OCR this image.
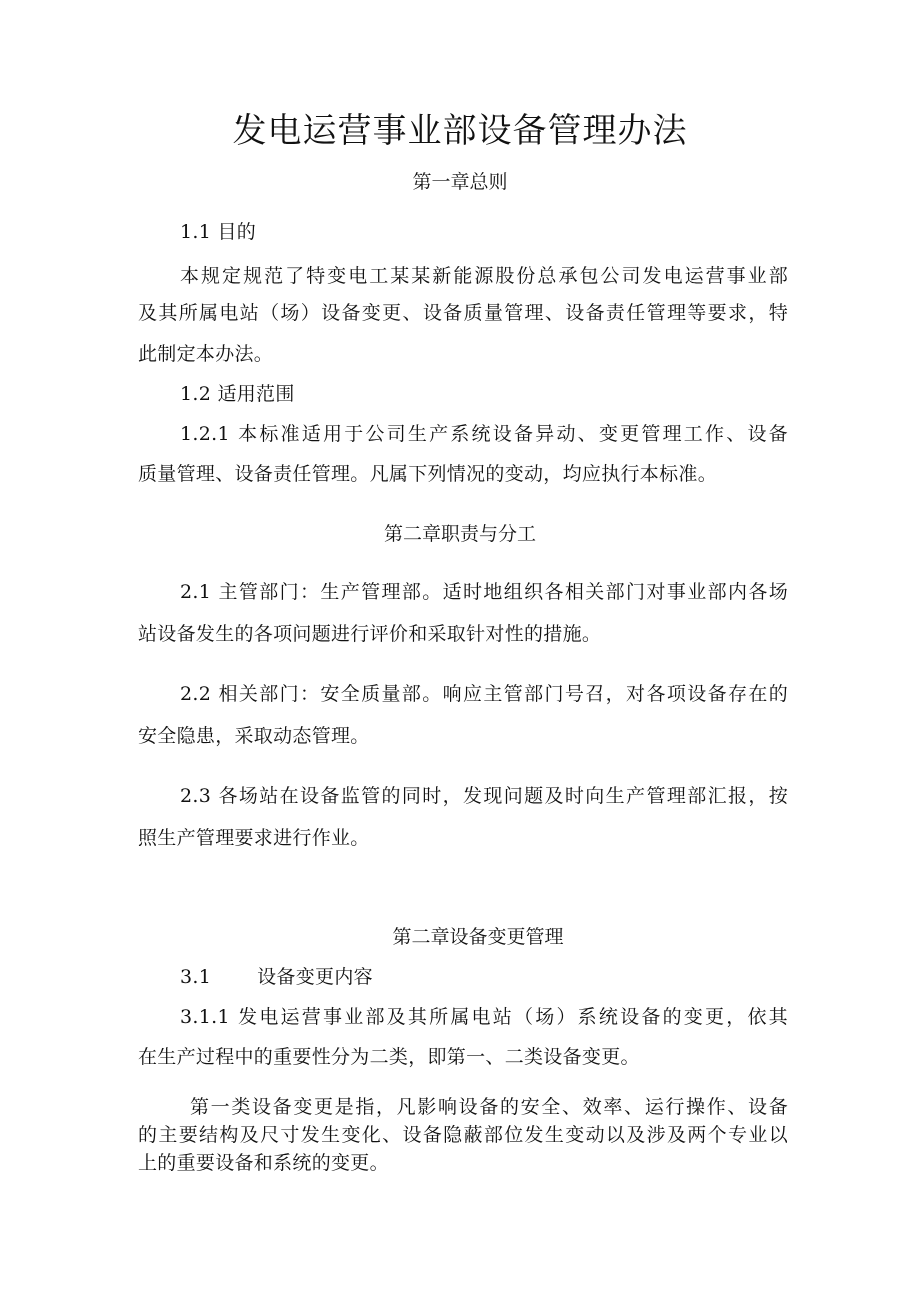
发电运营事业部设备管理办法
第一章总则
1.1 目的
本规定规范了特变电工某某新能源股份总承包公司发电运营事业部
及其所属电站（场）设备变更、设备质量管理、设备责任管理等要求，特
此制定本办法。
1.2 适用范围
1.2.1 本标准适用于公司生产系统设备异动、变更管理工作、设备
质量管理、设备责任管理。凡属下列情况的变动，均应执行本标准。
第二章职责与分工
2.1 主管部门：生产管理部。适时地组织各相关部门对事业部内各场
站设备发生的各项问题进行评价和采取针对性的措施。
2.2 相关部门：安全质量部。响应主管部门号召，对各项设备存在的
安全隐患，采取动态管理。
2.3 各场站在设备监管的同时，发现问题及时向生产管理部汇报，按
照生产管理要求进行作业。
第二章设备变更管理
3.1 设备变更内容
3.1.1 发电运营事业部及其所属电站（场）系统设备的变更，依其
在生产过程中的重要性分为二类，即第一、二类设备变更。
第一类设备变更是指，凡影响设备的安全、效率、运行操作、设备
的主要结构及尺寸发生变化、设备隐蔽部位发生变动以及涉及两个专业以
上的重要设备和系统的变更。
